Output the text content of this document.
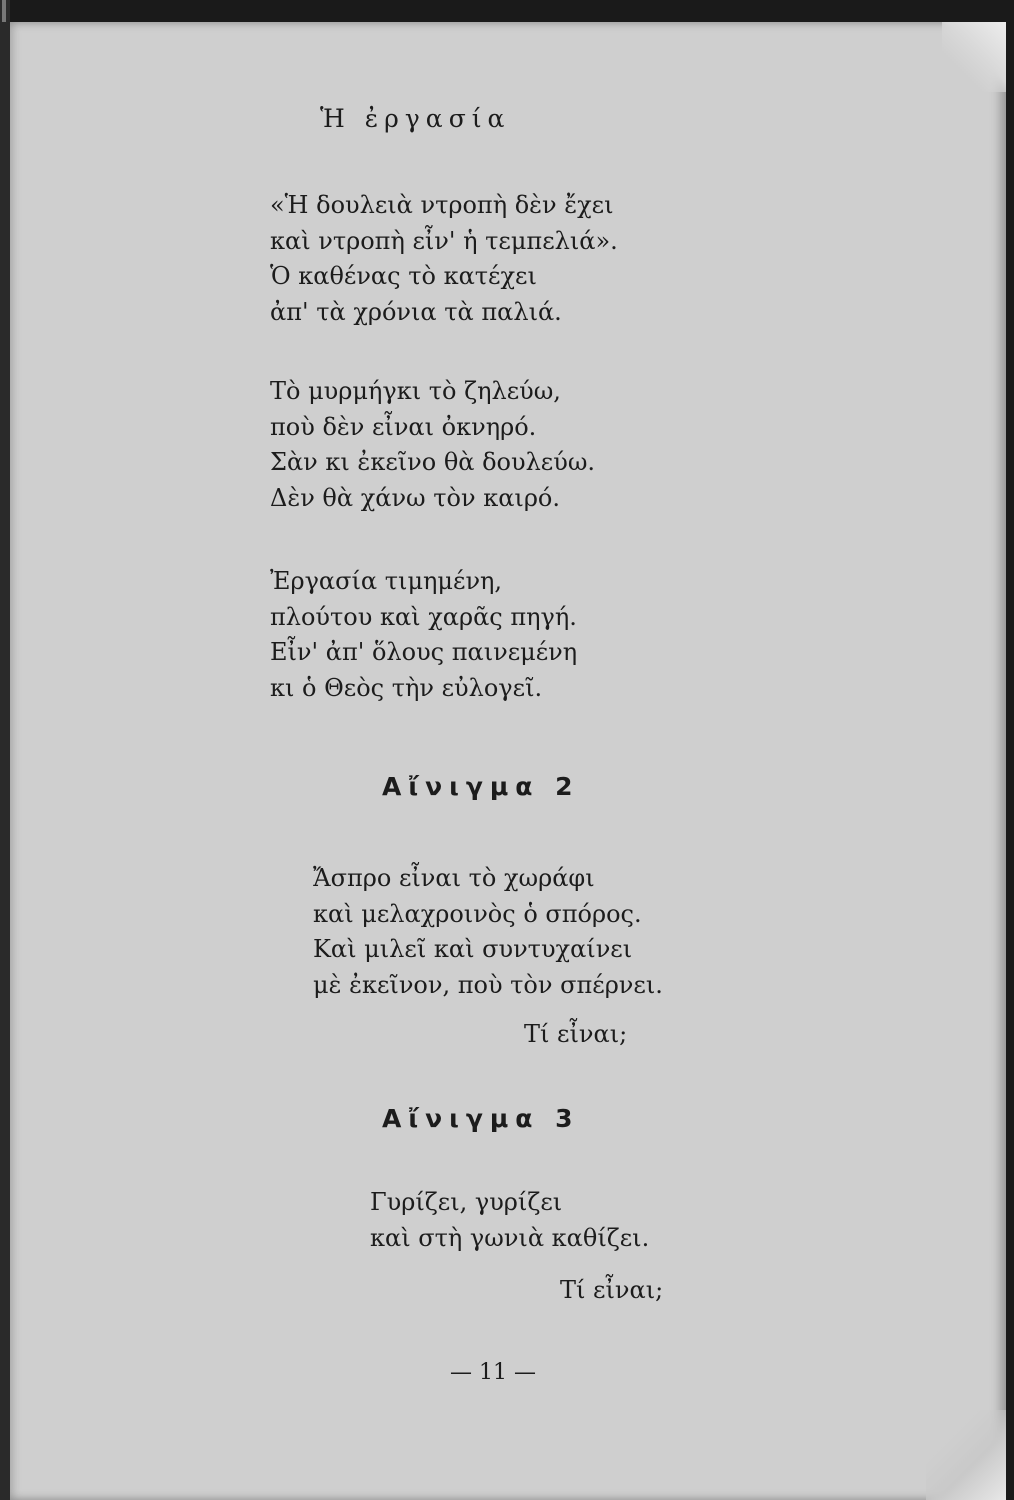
Ἡ ἐργασία
«Ἡ δουλειὰ ντροπὴ δὲν ἔχει
καὶ ντροπὴ εἶν' ἡ τεμπελιά».
Ὁ καθένας τὸ κατέχει
ἀπ' τὰ χρόνια τὰ παλιά.
Τὸ μυρμήγκι τὸ ζηλεύω,
ποὺ δὲν εἶναι ὀκνηρό.
Σὰν κι ἐκεῖνο θὰ δουλεύω.
Δὲν θὰ χάνω τὸν καιρό.
Ἐργασία τιμημένη,
πλούτου καὶ χαρᾶς πηγή.
Εἶν' ἀπ' ὅλους παινεμένη
κι ὁ Θεὸς τὴν εὐλογεῖ.
Αἴνιγμα 2
Ἄσπρο εἶναι τὸ χωράφι
καὶ μελαχροινὸς ὁ σπόρος.
Καὶ μιλεῖ καὶ συντυχαίνει
μὲ ἐκεῖνον, ποὺ τὸν σπέρνει.
Τί εἶναι;
Αἴνιγμα 3
Γυρίζει, γυρίζει
καὶ στὴ γωνιὰ καθίζει.
Τί εἶναι;
— 11 —
